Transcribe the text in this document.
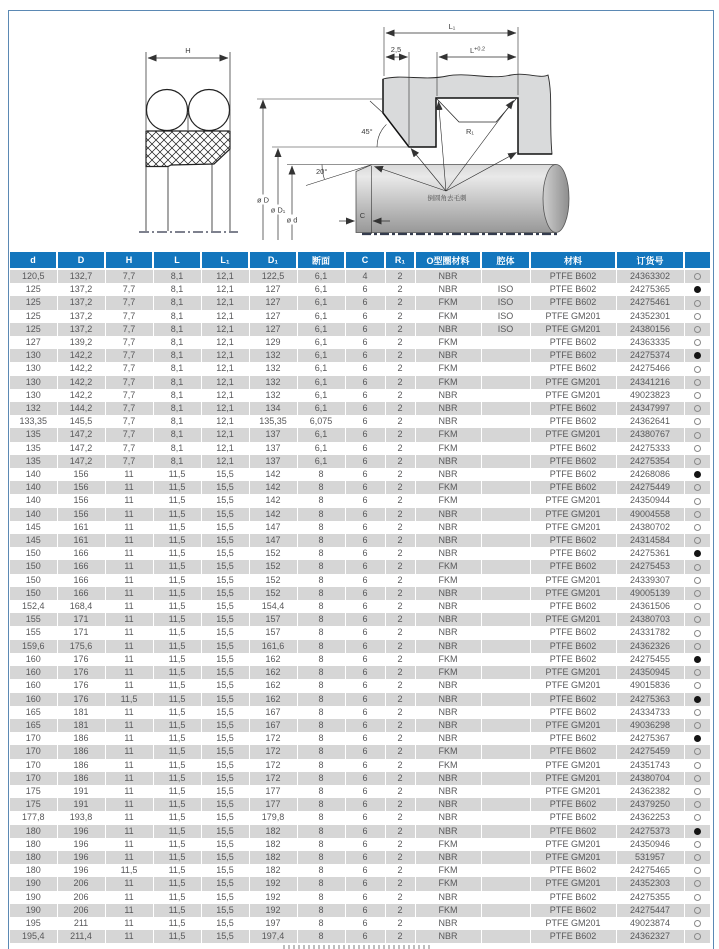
H
R₁
L₁
2,5	$L^{+0.2}$
45°
ø D
ø D₁
ø d
20°
C
倒圆角去毛刺
d	D	H	L	L₁	D₁	断面	C	R₁	O型圈材料	腔体	材料	订货号	
120,5	132,7	7,7	8,1	12,1	122,5	6,1	4	2	NBR		PTFE B602	24363302	
125	137,2	7,7	8,1	12,1	127	6,1	6	2	NBR	ISO	PTFE B602	24275365	
125	137,2	7,7	8,1	12,1	127	6,1	6	2	FKM	ISO	PTFE B602	24275461	
125	137,2	7,7	8,1	12,1	127	6,1	6	2	FKM	ISO	PTFE GM201	24352301	
125	137,2	7,7	8,1	12,1	127	6,1	6	2	NBR	ISO	PTFE GM201	24380156	
127	139,2	7,7	8,1	12,1	129	6,1	6	2	FKM		PTFE B602	24363335	
130	142,2	7,7	8,1	12,1	132	6,1	6	2	NBR		PTFE B602	24275374	
130	142,2	7,7	8,1	12,1	132	6,1	6	2	FKM		PTFE B602	24275466	
130	142,2	7,7	8,1	12,1	132	6,1	6	2	FKM		PTFE GM201	24341216	
130	142,2	7,7	8,1	12,1	132	6,1	6	2	NBR		PTFE GM201	49023823	
132	144,2	7,7	8,1	12,1	134	6,1	6	2	NBR		PTFE B602	24347997	
133,35	145,5	7,7	8,1	12,1	135,35	6,075	6	2	NBR		PTFE B602	24362641	
135	147,2	7,7	8,1	12,1	137	6,1	6	2	FKM		PTFE GM201	24380767	
135	147,2	7,7	8,1	12,1	137	6,1	6	2	FKM		PTFE B602	24275333	
135	147,2	7,7	8,1	12,1	137	6,1	6	2	NBR		PTFE B602	24275354	
140	156	11	11,5	15,5	142	8	6	2	NBR		PTFE B602	24268086	
140	156	11	11,5	15,5	142	8	6	2	FKM		PTFE B602	24275449	
140	156	11	11,5	15,5	142	8	6	2	FKM		PTFE GM201	24350944	
140	156	11	11,5	15,5	142	8	6	2	NBR		PTFE GM201	49004558	
145	161	11	11,5	15,5	147	8	6	2	NBR		PTFE GM201	24380702	
145	161	11	11,5	15,5	147	8	6	2	NBR		PTFE B602	24314584	
150	166	11	11,5	15,5	152	8	6	2	NBR		PTFE B602	24275361	
150	166	11	11,5	15,5	152	8	6	2	FKM		PTFE B602	24275453	
150	166	11	11,5	15,5	152	8	6	2	FKM		PTFE GM201	24339307	
150	166	11	11,5	15,5	152	8	6	2	NBR		PTFE GM201	49005139	
152,4	168,4	11	11,5	15,5	154,4	8	6	2	NBR		PTFE B602	24361506	
155	171	11	11,5	15,5	157	8	6	2	NBR		PTFE GM201	24380703	
155	171	11	11,5	15,5	157	8	6	2	NBR		PTFE B602	24331782	
159,6	175,6	11	11,5	15,5	161,6	8	6	2	NBR		PTFE B602	24362326	
160	176	11	11,5	15,5	162	8	6	2	FKM		PTFE B602	24275455	
160	176	11	11,5	15,5	162	8	6	2	FKM		PTFE GM201	24350945	
160	176	11	11,5	15,5	162	8	6	2	NBR		PTFE GM201	49015836	
160	176	11,5	11,5	15,5	162	8	6	2	NBR		PTFE B602	24275363	
165	181	11	11,5	15,5	167	8	6	2	NBR		PTFE B602	24334733	
165	181	11	11,5	15,5	167	8	6	2	NBR		PTFE GM201	49036298	
170	186	11	11,5	15,5	172	8	6	2	NBR		PTFE B602	24275367	
170	186	11	11,5	15,5	172	8	6	2	FKM		PTFE B602	24275459	
170	186	11	11,5	15,5	172	8	6	2	FKM		PTFE GM201	24351743	
170	186	11	11,5	15,5	172	8	6	2	NBR		PTFE GM201	24380704	
175	191	11	11,5	15,5	177	8	6	2	NBR		PTFE GM201	24362382	
175	191	11	11,5	15,5	177	8	6	2	NBR		PTFE B602	24379250	
177,8	193,8	11	11,5	15,5	179,8	8	6	2	NBR		PTFE B602	24362253	
180	196	11	11,5	15,5	182	8	6	2	NBR		PTFE B602	24275373	
180	196	11	11,5	15,5	182	8	6	2	FKM		PTFE GM201	24350946	
180	196	11	11,5	15,5	182	8	6	2	NBR		PTFE GM201	531957	
180	196	11,5	11,5	15,5	182	8	6	2	FKM		PTFE B602	24275465	
190	206	11	11,5	15,5	192	8	6	2	FKM		PTFE GM201	24352303	
190	206	11	11,5	15,5	192	8	6	2	NBR		PTFE B602	24275355	
190	206	11	11,5	15,5	192	8	6	2	FKM		PTFE B602	24275447	
195	211	11	11,5	15,5	197	8	6	2	NBR		PTFE GM201	49023874	
195,4	211,4	11	11,5	15,5	197,4	8	6	2	NBR		PTFE B602	24362327	
